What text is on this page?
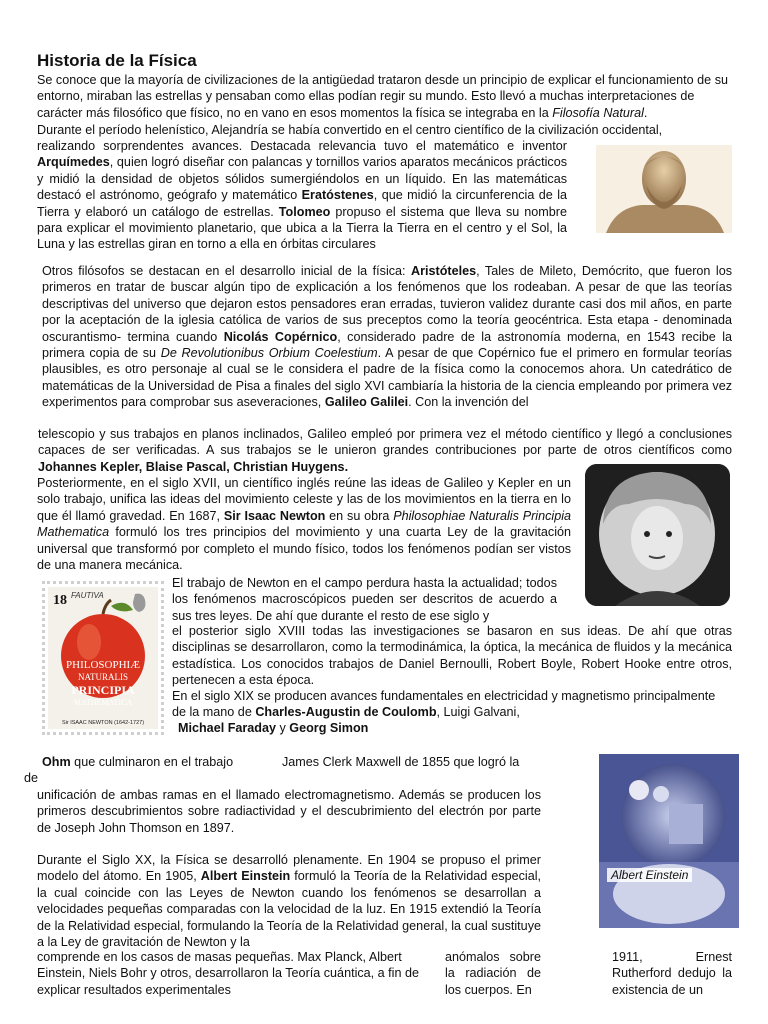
Historia de la Física

Se conoce que la mayoría de civilizaciones de la antigüedad trataron desde un principio de explicar el funcionamiento de su entorno, miraban las estrellas y pensaban como ellas podían regir su mundo. Esto llevó a muchas interpretaciones de carácter más filosófico que físico, no en vano en esos momentos la física se integraba en la Filosofía Natural.

Durante el período helenístico, Alejandría se había convertido en el centro científico de la civilización occidental,

realizando sorprendentes avances. Destacada relevancia tuvo el matemático e inventor Arquímedes, quien logró diseñar con palancas y tornillos varios aparatos mecánicos prácticos y midió la densidad de objetos sólidos sumergiéndolos en un líquido. En las matemáticas destacó el astrónomo, geógrafo y matemático Eratóstenes, que midió la circunferencia de la Tierra y elaboró un catálogo de estrellas. Tolomeo propuso el sistema que lleva su nombre para explicar el movimiento planetario, que ubica a la Tierra la Tierra en el centro y el Sol, la Luna y las estrellas giran en torno a ella en órbitas circulares

Otros filósofos se destacan en el desarrollo inicial de la física: Aristóteles, Tales de Mileto, Demócrito, que fueron los primeros en tratar de buscar algún tipo de explicación a los fenómenos que los rodeaban. A pesar de que las teorías descriptivas del universo que dejaron estos pensadores eran erradas, tuvieron validez durante casi dos mil años, en parte por la aceptación de la iglesia católica de varios de sus preceptos como la teoría geocéntrica. Esta etapa - denominada oscurantismo- termina cuando Nicolás Copérnico, considerado padre de la astronomía moderna, en 1543 recibe la primera copia de su De Revolutionibus Orbium Coelestium. A pesar de que Copérnico fue el primero en formular teorías plausibles, es otro personaje al cual se le considera el padre de la física como la conocemos ahora. Un catedrático de matemáticas de la Universidad de Pisa a finales del siglo XVI cambiaría la historia de la ciencia empleando por primera vez experimentos para comprobar sus aseveraciones, Galileo Galilei. Con la invención del

telescopio y sus trabajos en planos inclinados, Galileo empleó por primera vez el método científico y llegó a conclusiones capaces de ser verificadas. A sus trabajos se le unieron grandes contribuciones por parte de otros científicos como Johannes Kepler, Blaise Pascal, Christian Huygens.

Posteriormente, en el siglo XVII, un científico inglés reúne las ideas de Galileo y Kepler en un solo trabajo, unifica las ideas del movimiento celeste y las de los movimientos en la tierra en lo que él llamó gravedad. En 1687, Sir Isaac Newton en su obra Philosophiae Naturalis Principia Mathematica formuló los tres principios del movimiento y una cuarta Ley de la gravitación universal que transformó por completo el mundo físico, todos los fenómenos podían ser vistos de una manera mecánica.

18 FAUTIVA
PHILOSOPHIÆ
NATURALIS
PRINCIPIA
MATHEMATICA
Sir ISAAC NEWTON (1642-1727)

El trabajo de Newton en el campo perdura hasta la actualidad; todos los fenómenos macroscópicos pueden ser descritos de acuerdo a sus tres leyes. De ahí que durante el resto de ese siglo y

el posterior siglo XVIII todas las investigaciones se basaron en sus ideas. De ahí que otras disciplinas se desarrollaron, como la termodinámica, la óptica, la mecánica de fluidos y la mecánica estadística. Los conocidos trabajos de Daniel Bernoulli, Robert Boyle, Robert Hooke entre otros, pertenecen a esta época.

En el siglo XIX se producen avances fundamentales en electricidad y magnetismo principalmente de la mano de Charles-Augustin de Coulomb, Luigi Galvani,

Michael Faraday y Georg Simon

Ohm que culminaron en el trabajo	James Clerk Maxwell de 1855 que logró la

de

unificación de ambas ramas en el llamado electromagnetismo. Además se producen los primeros descubrimientos sobre radiactividad y el descubrimiento del electrón por parte de Joseph John Thomson en 1897.

Albert Einstein

Durante el Siglo XX, la Física se desarrolló plenamente. En 1904 se propuso el primer modelo del átomo. En 1905, Albert Einstein formuló la Teoría de la Relatividad especial, la cual coincide con las Leyes de Newton cuando los fenómenos se desarrollan a velocidades pequeñas comparadas con la velocidad de la luz. En 1915 extendió la Teoría de la Relatividad especial, formulando la Teoría de la Relatividad general, la cual sustituye a la Ley de gravitación de Newton y la

comprende en los casos de masas pequeñas. Max Planck, Albert Einstein, Niels Bohr y otros, desarrollaron la Teoría cuántica, a fin de explicar resultados experimentales

anómalos sobre la radiación de los cuerpos. En

1911, Ernest Rutherford dedujo la existencia de un
